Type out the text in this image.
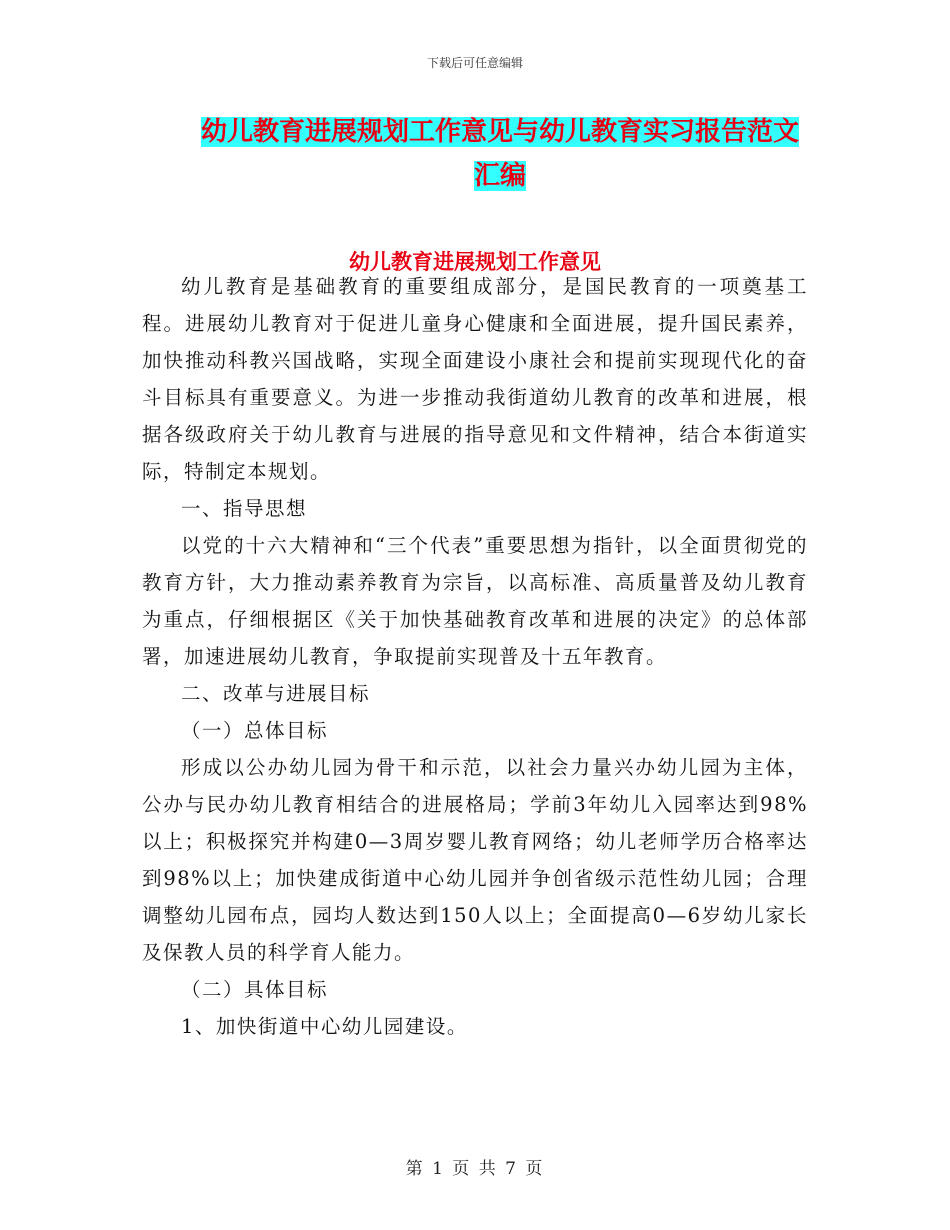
下载后可任意编辑
幼儿教育进展规划工作意见与幼儿教育实习报告范文
汇编
幼儿教育进展规划工作意见

幼儿教育是基础教育的重要组成部分，是国民教育的一项奠基工程。进展幼儿教育对于促进儿童身心健康和全面进展，提升国民素养，加快推动科教兴国战略，实现全面建设小康社会和提前实现现代化的奋斗目标具有重要意义。为进一步推动我街道幼儿教育的改革和进展，根据各级政府关于幼儿教育与进展的指导意见和文件精神，结合本街道实际，特制定本规划。

一、指导思想

以党的十六大精神和“三个代表”重要思想为指针，以全面贯彻党的教育方针，大力推动素养教育为宗旨，以高标准、高质量普及幼儿教育为重点，仔细根据区《关于加快基础教育改革和进展的决定》的总体部署，加速进展幼儿教育，争取提前实现普及十五年教育。

二、改革与进展目标

（一）总体目标

形成以公办幼儿园为骨干和示范，以社会力量兴办幼儿园为主体，公办与民办幼儿教育相结合的进展格局；学前3年幼儿入园率达到98%以上；积极探究并构建0—3周岁婴儿教育网络；幼儿老师学历合格率达到98%以上；加快建成街道中心幼儿园并争创省级示范性幼儿园；合理调整幼儿园布点，园均人数达到150人以上；全面提高0—6岁幼儿家长及保教人员的科学育人能力。

（二）具体目标

1、加快街道中心幼儿园建设。

第 1 页 共 7 页
